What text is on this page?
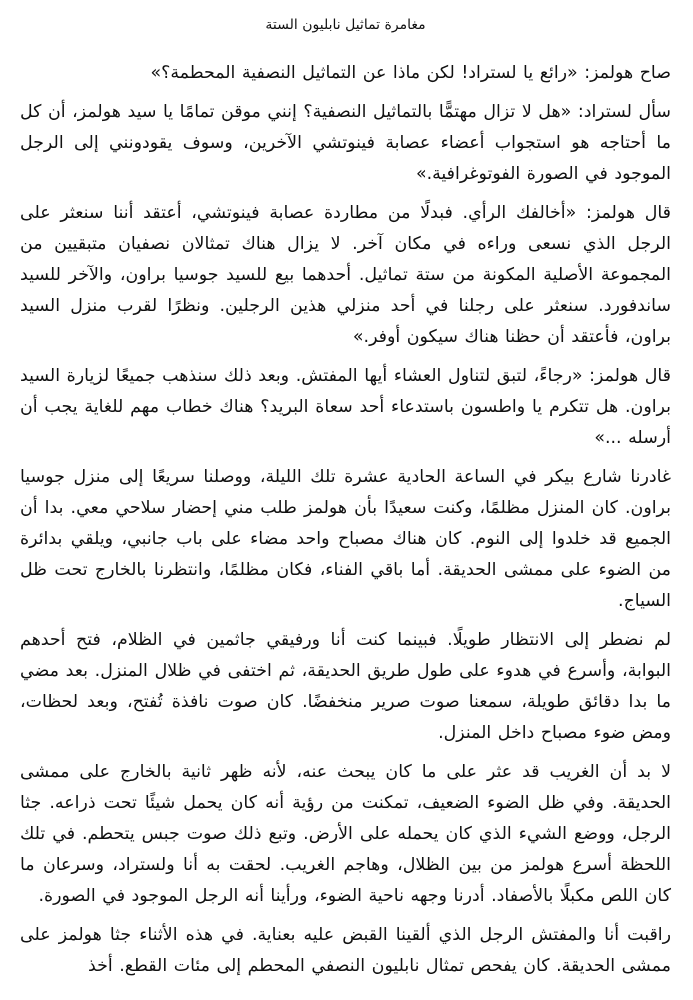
مغامرة تماثيل نابليون الستة

صاح هولمز: «رائع يا لستراد! لكن ماذا عن التماثيل النصفية المحطمة؟»

سأل لستراد: «هل لا تزال مهتمًّا بالتماثيل النصفية؟ إنني موقن تمامًا يا سيد هولمز، أن كل ما أحتاجه هو استجواب أعضاء عصابة فينوتشي الآخرين، وسوف يقودونني إلى الرجل الموجود في الصورة الفوتوغرافية.»

قال هولمز: «أخالفك الرأي. فبدلًا من مطاردة عصابة فينوتشي، أعتقد أننا سنعثر على الرجل الذي نسعى وراءه في مكان آخر. لا يزال هناك تمثالان نصفيان متبقيين من المجموعة الأصلية المكونة من ستة تماثيل. أحدهما بيع للسيد جوسيا براون، والآخر للسيد ساندفورد. سنعثر على رجلنا في أحد منزلي هذين الرجلين. ونظرًا لقرب منزل السيد براون، فأعتقد أن حظنا هناك سيكون أوفر.»

قال هولمز: «رجاءً، لتبق لتناول العشاء أيها المفتش. وبعد ذلك سنذهب جميعًا لزيارة السيد براون. هل تتكرم يا واطسون باستدعاء أحد سعاة البريد؟ هناك خطاب مهم للغاية يجب أن أرسله ...»

غادرنا شارع بيكر في الساعة الحادية عشرة تلك الليلة، ووصلنا سريعًا إلى منزل جوسيا براون. كان المنزل مظلمًا، وكنت سعيدًا بأن هولمز طلب مني إحضار سلاحي معي. بدا أن الجميع قد خلدوا إلى النوم. كان هناك مصباح واحد مضاء على باب جانبي، ويلقي بدائرة من الضوء على ممشى الحديقة. أما باقي الفناء، فكان مظلمًا، وانتظرنا بالخارج تحت ظل السياج.

لم نضطر إلى الانتظار طويلًا. فبينما كنت أنا ورفيقي جاثمين في الظلام، فتح أحدهم البوابة، وأسرع في هدوء على طول طريق الحديقة، ثم اختفى في ظلال المنزل. بعد مضي ما بدا دقائق طويلة، سمعنا صوت صرير منخفضًا. كان صوت نافذة تُفتح، وبعد لحظات، ومض ضوء مصباح داخل المنزل.

لا بد أن الغريب قد عثر على ما كان يبحث عنه، لأنه ظهر ثانية بالخارج على ممشى الحديقة. وفي ظل الضوء الضعيف، تمكنت من رؤية أنه كان يحمل شيئًا تحت ذراعه. جثا الرجل، ووضع الشيء الذي كان يحمله على الأرض. وتبع ذلك صوت جبس يتحطم. في تلك اللحظة أسرع هولمز من بين الظلال، وهاجم الغريب. لحقت به أنا ولستراد، وسرعان ما كان اللص مكبلًا بالأصفاد. أدرنا وجهه ناحية الضوء، ورأينا أنه الرجل الموجود في الصورة.

راقبت أنا والمفتش الرجل الذي ألقينا القبض عليه بعناية. في هذه الأثناء جثا هولمز على ممشى الحديقة. كان يفحص تمثال نابليون النصفي المحطم إلى مئات القطع. أخذ
